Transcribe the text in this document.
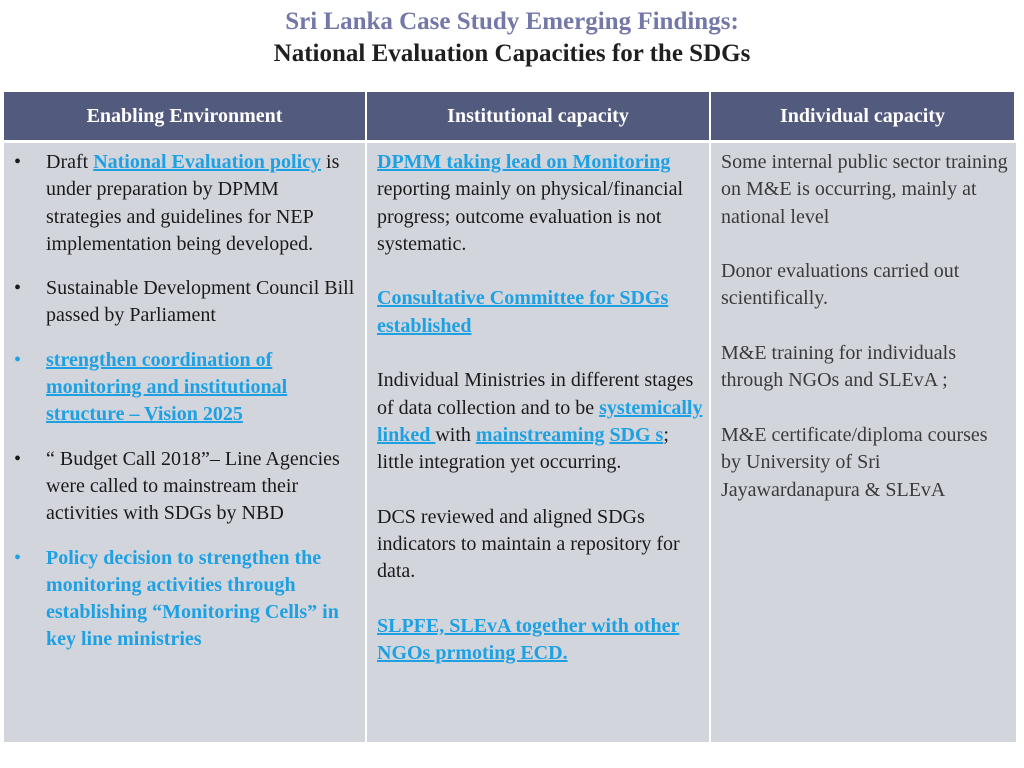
Sri Lanka Case Study Emerging Findings:
National Evaluation Capacities for the SDGs
Enabling Environment	Institutional capacity	Individual capacity
• Draft National Evaluation policy is under preparation by DPMM strategies and guidelines for NEP implementation being developed.
• Sustainable Development Council Bill passed by Parliament
• strengthen coordination of monitoring and institutional structure – Vision 2025
• “ Budget Call 2018”– Line Agencies were called to mainstream their activities with SDGs by NBD
• Policy decision to strengthen the monitoring activities through establishing “Monitoring Cells” in key line ministries

DPMM taking lead on Monitoring reporting mainly on physical/financial progress; outcome evaluation is not systematic.

Consultative Committee for SDGs established

Individual Ministries in different stages of data collection and to be systemically linked with mainstreaming SDG s; little integration yet occurring.

DCS reviewed and aligned SDGs indicators to maintain a repository for data.

SLPFE, SLEvA together with other NGOs prmoting ECD.

Some internal public sector training on M&E is occurring, mainly at national level

Donor evaluations carried out scientifically.

M&E training for individuals through NGOs and SLEvA ;

M&E certificate/diploma courses by University of Sri Jayawardanapura & SLEvA
